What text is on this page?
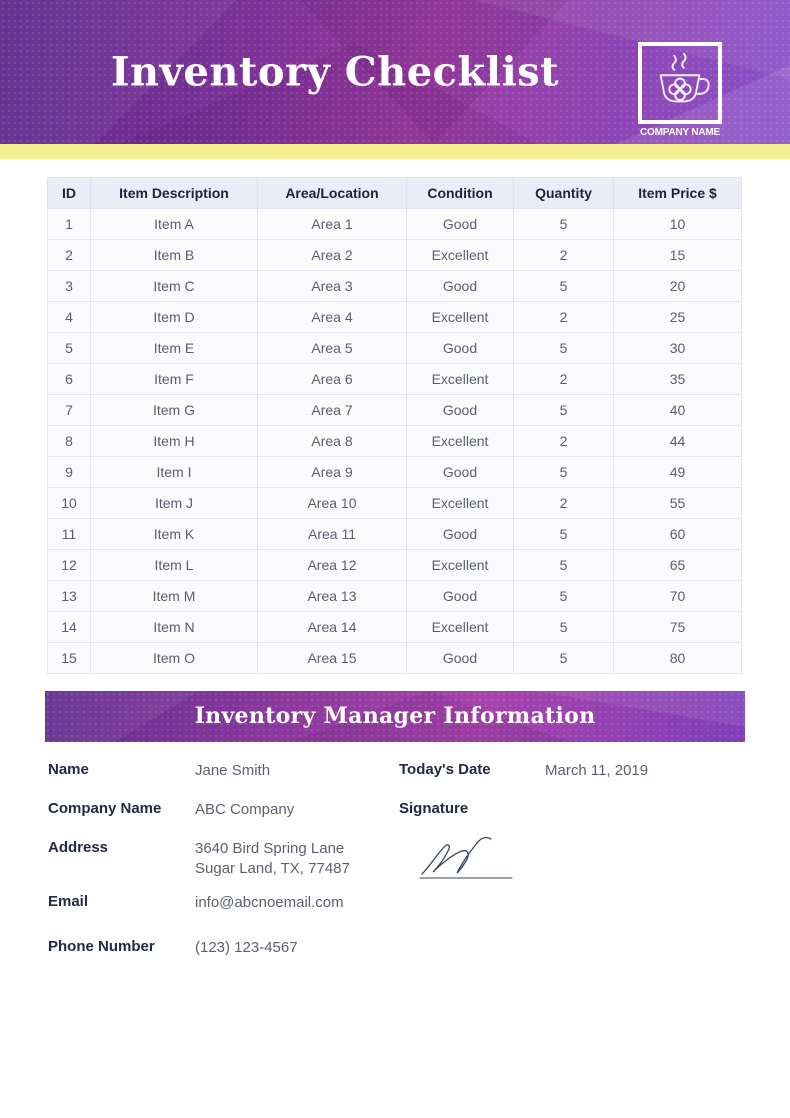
Inventory Checklist
COMPANY NAME
ID	Item Description	Area/Location	Condition	Quantity	Item Price $
1	Item A	Area 1	Good	5	10
2	Item B	Area 2	Excellent	2	15
3	Item C	Area 3	Good	5	20
4	Item D	Area 4	Excellent	2	25
5	Item E	Area 5	Good	5	30
6	Item F	Area 6	Excellent	2	35
7	Item G	Area 7	Good	5	40
8	Item H	Area 8	Excellent	2	44
9	Item I	Area 9	Good	5	49
10	Item J	Area 10	Excellent	2	55
11	Item K	Area 11	Good	5	60
12	Item L	Area 12	Excellent	5	65
13	Item M	Area 13	Good	5	70
14	Item N	Area 14	Excellent	5	75
15	Item O	Area 15	Good	5	80
Inventory Manager Information
Name	Jane Smith
Company Name	ABC Company
Address	3640 Bird Spring Lane
Sugar Land, TX, 77487
Email	info@abcnoemail.com
Phone Number	(123) 123-4567
Today's Date	March 11, 2019
Signature
